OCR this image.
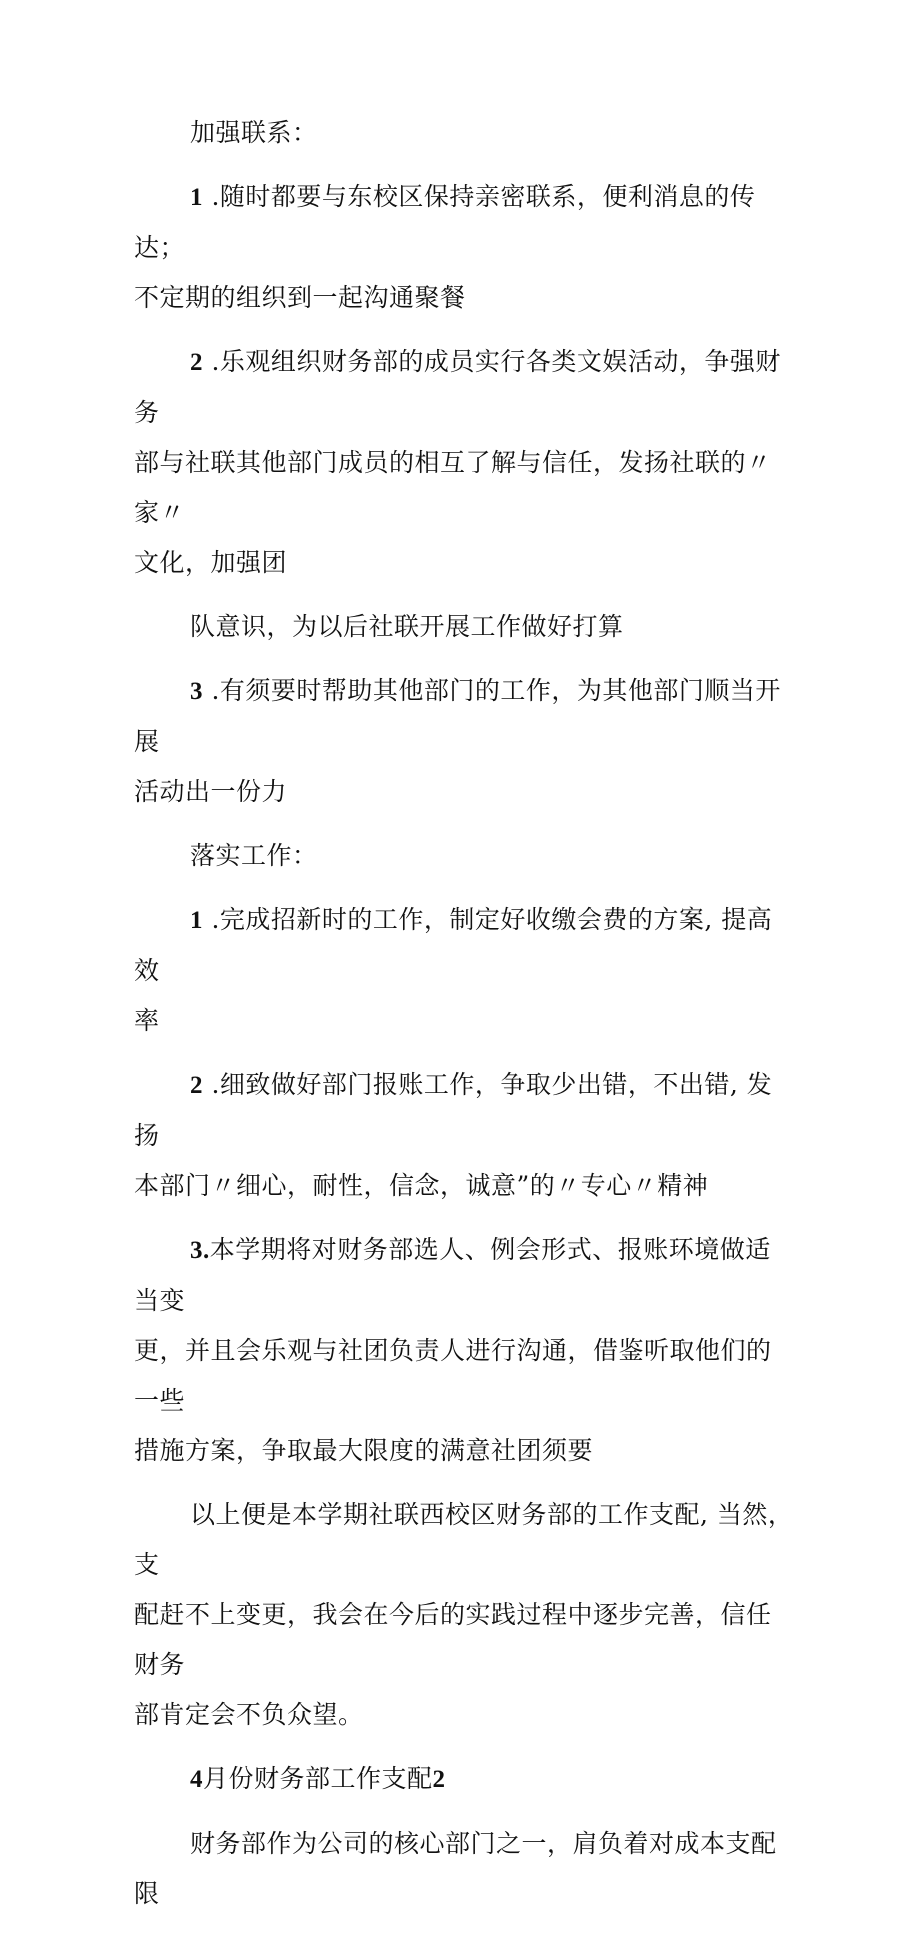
加强联系：

1 .随时都要与东校区保持亲密联系，便利消息的传达；
不定期的组织到一起沟通聚餐

2 .乐观组织财务部的成员实行各类文娱活动，争强财务
部与社联其他部门成员的相互了解与信任，发扬社联的〃家〃
文化，加强团

队意识，为以后社联开展工作做好打算

3 .有须要时帮助其他部门的工作，为其他部门顺当开展
活动出一份力

落实工作：

1 .完成招新时的工作，制定好收缴会费的方案, 提高效
率

2 .细致做好部门报账工作，争取少出错，不出错, 发扬
本部门〃细心，耐性，信念，诚意”的〃专心〃精神

3.本学期将对财务部选人、例会形式、报账环境做适当变
更，并且会乐观与社团负责人进行沟通，借鉴听取他们的一些
措施方案，争取最大限度的满意社团须要

以上便是本学期社联西校区财务部的工作支配, 当然，支
配赶不上变更，我会在今后的实践过程中逐步完善，信任财务
部肯定会不负众望。

4月份财务部工作支配2

财务部作为公司的核心部门之一，肩负着对成本支配限
